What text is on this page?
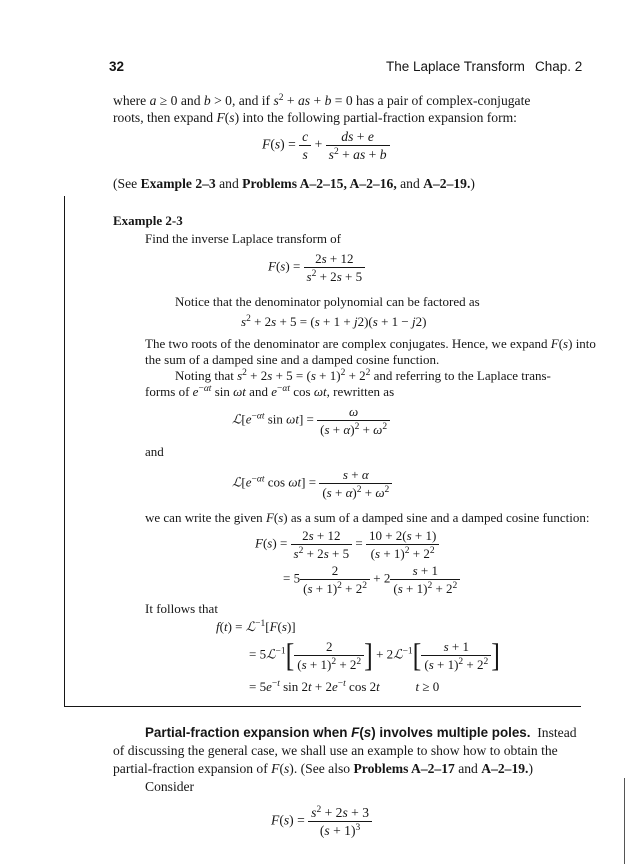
32	The Laplace Transform Chap. 2
where a ≥ 0 and b > 0, and if $s^2$ + as + b = 0 has a pair of complex-conjugate
roots, then expand F(s) into the following partial-fraction expansion form:
$F(s) = \frac{c}{s} + \frac{ds + e}{s^2 + as + b}$
(See Example 2–3 and Problems A–2–15, A–2–16, and A–2–19.)
Example 2-3
Find the inverse Laplace transform of
$F(s) = \frac{2s + 12}{s^2 + 2s + 5}$
Notice that the denominator polynomial can be factored as
$s^2 + 2s + 5 = (s + 1 + j2)(s + 1 - j2)$
The two roots of the denominator are complex conjugates. Hence, we expand F(s) into
the sum of a damped sine and a damped cosine function.
Noting that $s^2 + 2s + 5 = (s + 1)^2 + 2^2$ and referring to the Laplace trans-
forms of $e^{-\alpha t}$ sin ωt and $e^{-\alpha t}$ cos ωt, rewritten as
$ℒ[e^{-\alpha t}$ $\sin \omega t] = \frac{\omega}{(s + \alpha)^2 + \omega^2}$
and
$ℒ[e^{-\alpha t}$ $\cos \omega t] = \frac{s + \alpha}{(s + \alpha)^2 + \omega^2}$
we can write the given F(s) as a sum of a damped sine and a damped cosine function:
$F(s) = \frac{2s + 12}{s^2 + 2s + 5} = \frac{10 + 2(s + 1)}{(s + 1)^2 + 2^2}$
= $5 \frac{2}{(s + 1)^2 + 2^2} + 2 \frac{s + 1}{(s + 1)^2 + 2^2}$
It follows that
f(t) = ℒ$^{-1}$[F(s)]
= 5ℒ$^{-1}$[ $\frac{2}{(s + 1)^2 + 2^2}$ ] + 2ℒ$^{-1}$[ $\frac{s + 1}{(s + 1)^2 + 2^2}$ ]
= $5e^{-t}$ $\sin 2t + 2e^{-t}$ cos 2t	t ≥ 0
Partial-fraction expansion when F(s) involves multiple poles.  Instead
of discussing the general case, we shall use an example to show how to obtain the
partial-fraction expansion of F(s). (See also Problems A–2–17 and A–2–19.)
Consider
$F(s) = \frac{s^2 + 2s + 3}{(s + 1)^3}$
